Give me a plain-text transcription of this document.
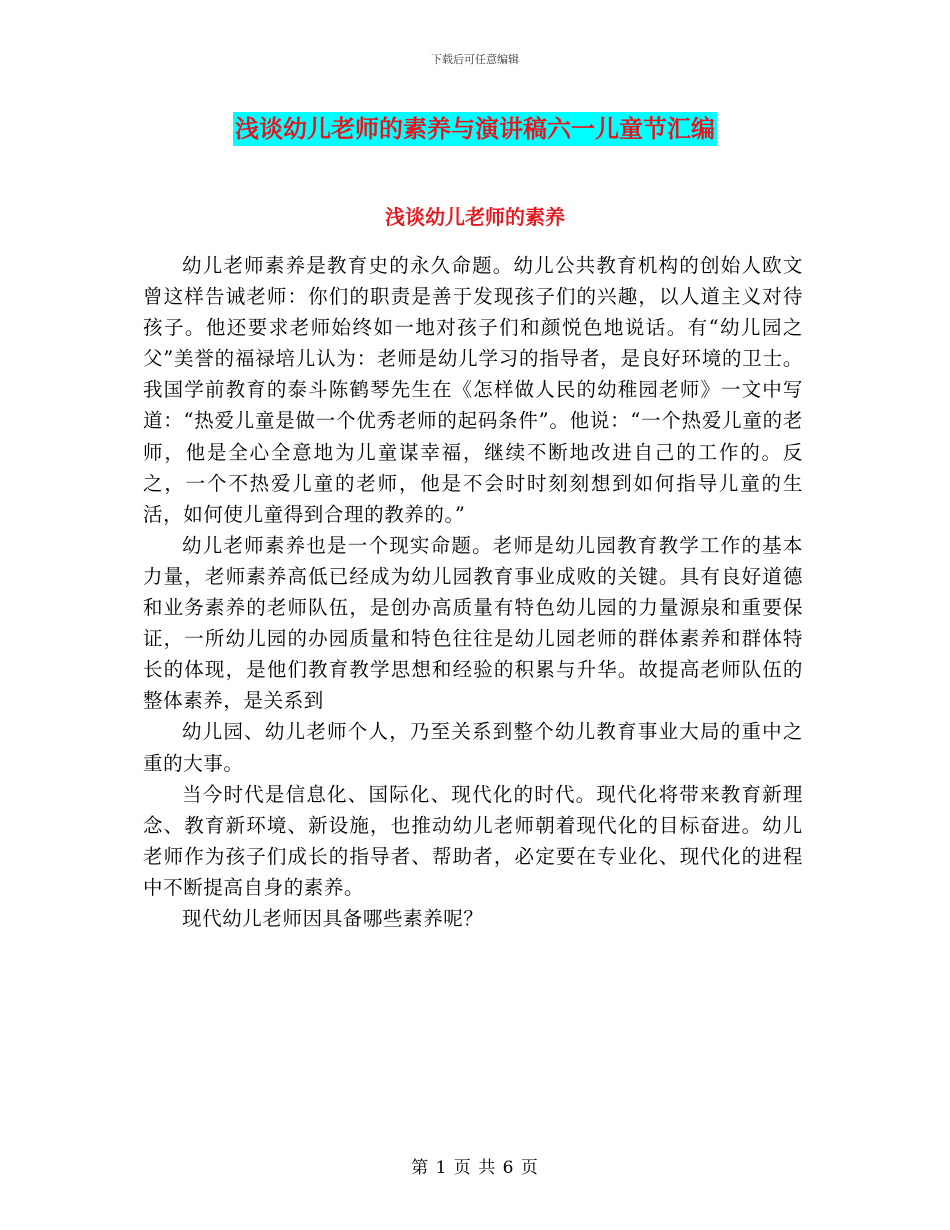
下载后可任意编辑
浅谈幼儿老师的素养与演讲稿六一儿童节汇编
浅谈幼儿老师的素养

幼儿老师素养是教育史的永久命题。幼儿公共教育机构的创始人欧文曾这样告诫老师：你们的职责是善于发现孩子们的兴趣，以人道主义对待孩子。他还要求老师始终如一地对孩子们和颜悦色地说话。有“幼儿园之父”美誉的福禄培儿认为：老师是幼儿学习的指导者，是良好环境的卫士。我国学前教育的泰斗陈鹤琴先生在《怎样做人民的幼稚园老师》一文中写道：“热爱儿童是做一个优秀老师的起码条件”。他说：“一个热爱儿童的老师，他是全心全意地为儿童谋幸福，继续不断地改进自己的工作的。反之，一个不热爱儿童的老师，他是不会时时刻刻想到如何指导儿童的生活，如何使儿童得到合理的教养的。”

幼儿老师素养也是一个现实命题。老师是幼儿园教育教学工作的基本力量，老师素养高低已经成为幼儿园教育事业成败的关键。具有良好道德和业务素养的老师队伍，是创办高质量有特色幼儿园的力量源泉和重要保证，一所幼儿园的办园质量和特色往往是幼儿园老师的群体素养和群体特长的体现，是他们教育教学思想和经验的积累与升华。故提高老师队伍的整体素养，是关系到

幼儿园、幼儿老师个人，乃至关系到整个幼儿教育事业大局的重中之重的大事。

当今时代是信息化、国际化、现代化的时代。现代化将带来教育新理念、教育新环境、新设施，也推动幼儿老师朝着现代化的目标奋进。幼儿老师作为孩子们成长的指导者、帮助者，必定要在专业化、现代化的进程中不断提高自身的素养。

现代幼儿老师因具备哪些素养呢？

第 1 页 共 6 页
